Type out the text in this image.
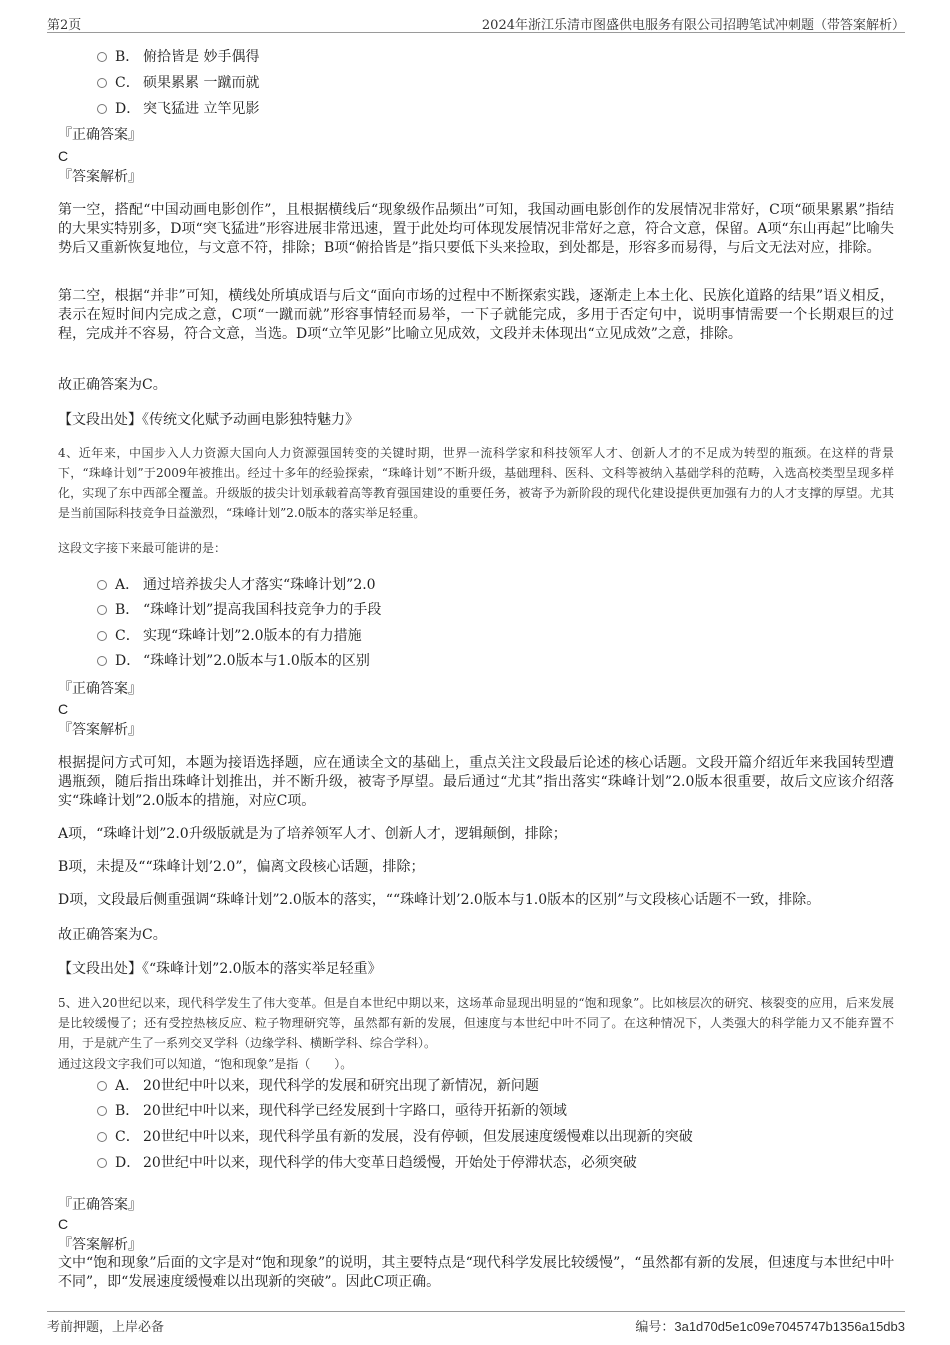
第2页	2024年浙江乐清市图盛供电服务有限公司招聘笔试冲刺题（带答案解析）
B． 俯拾皆是 妙手偶得
C． 硕果累累 一蹴而就
D． 突飞猛进 立竿见影
『正确答案』
C
『答案解析』
第一空，搭配“中国动画电影创作”，且根据横线后“现象级作品频出”可知，我国动画电影创作的发展情况非常好，C项“硕果累累”指结的大果实特别多，D项“突飞猛进”形容进展非常迅速，置于此处均可体现发展情况非常好之意，符合文意，保留。A项“东山再起”比喻失势后又重新恢复地位，与文意不符，排除；B项“俯拾皆是”指只要低下头来捡取，到处都是，形容多而易得，与后文无法对应，排除。
第二空，根据“并非”可知，横线处所填成语与后文“面向市场的过程中不断探索实践，逐渐走上本土化、民族化道路的结果”语义相反，表示在短时间内完成之意，C项“一蹴而就”形容事情轻而易举，一下子就能完成，多用于否定句中，说明事情需要一个长期艰巨的过程，完成并不容易，符合文意，当选。D项“立竿见影”比喻立见成效，文段并未体现出“立见成效”之意，排除。
故正确答案为C。
【文段出处】《传统文化赋予动画电影独特魅力》
4、近年来，中国步入人力资源大国向人力资源强国转变的关键时期，世界一流科学家和科技领军人才、创新人才的不足成为转型的瓶颈。在这样的背景下，“珠峰计划”于2009年被推出。经过十多年的经验探索，“珠峰计划”不断升级，基础理科、医科、文科等被纳入基础学科的范畴，入选高校类型呈现多样化，实现了东中西部全覆盖。升级版的拔尖计划承载着高等教育强国建设的重要任务，被寄予为新阶段的现代化建设提供更加强有力的人才支撑的厚望。尤其是当前国际科技竞争日益激烈，“珠峰计划”2.0版本的落实举足轻重。
这段文字接下来最可能讲的是：
A． 通过培养拔尖人才落实“珠峰计划”2.0
B． “珠峰计划”提高我国科技竞争力的手段
C． 实现“珠峰计划”2.0版本的有力措施
D． “珠峰计划”2.0版本与1.0版本的区别
『正确答案』
C
『答案解析』
根据提问方式可知，本题为接语选择题，应在通读全文的基础上，重点关注文段最后论述的核心话题。文段开篇介绍近年来我国转型遭遇瓶颈，随后指出珠峰计划推出，并不断升级，被寄予厚望。最后通过“尤其”指出落实“珠峰计划”2.0版本很重要，故后文应该介绍落实“珠峰计划”2.0版本的措施，对应C项。
A项，“珠峰计划”2.0升级版就是为了培养领军人才、创新人才，逻辑颠倒，排除；
B项，未提及““珠峰计划’2.0”，偏离文段核心话题，排除；
D项，文段最后侧重强调“珠峰计划”2.0版本的落实，““珠峰计划’2.0版本与1.0版本的区别”与文段核心话题不一致，排除。
故正确答案为C。
【文段出处】《“珠峰计划”2.0版本的落实举足轻重》
5、进入20世纪以来，现代科学发生了伟大变革。但是自本世纪中期以来，这场革命显现出明显的“饱和现象”。比如核层次的研究、核裂变的应用，后来发展是比较缓慢了；还有受控热核反应、粒子物理研究等，虽然都有新的发展，但速度与本世纪中叶不同了。在这种情况下，人类强大的科学能力又不能弃置不用，于是就产生了一系列交叉学科（边缘学科、横断学科、综合学科）。
通过这段文字我们可以知道，“饱和现象”是指（　　）。
A． 20世纪中叶以来，现代科学的发展和研究出现了新情况，新问题
B． 20世纪中叶以来，现代科学已经发展到十字路口，亟待开拓新的领域
C． 20世纪中叶以来，现代科学虽有新的发展，没有停顿，但发展速度缓慢难以出现新的突破
D． 20世纪中叶以来，现代科学的伟大变革日趋缓慢，开始处于停滞状态，必须突破
『正确答案』
C
『答案解析』
文中“饱和现象”后面的文字是对“饱和现象”的说明，其主要特点是“现代科学发展比较缓慢”，“虽然都有新的发展，但速度与本世纪中叶不同”，即“发展速度缓慢难以出现新的突破”。因此C项正确。
考前押题，上岸必备	编号：3a1d70d5e1c09e7045747b1356a15db3
